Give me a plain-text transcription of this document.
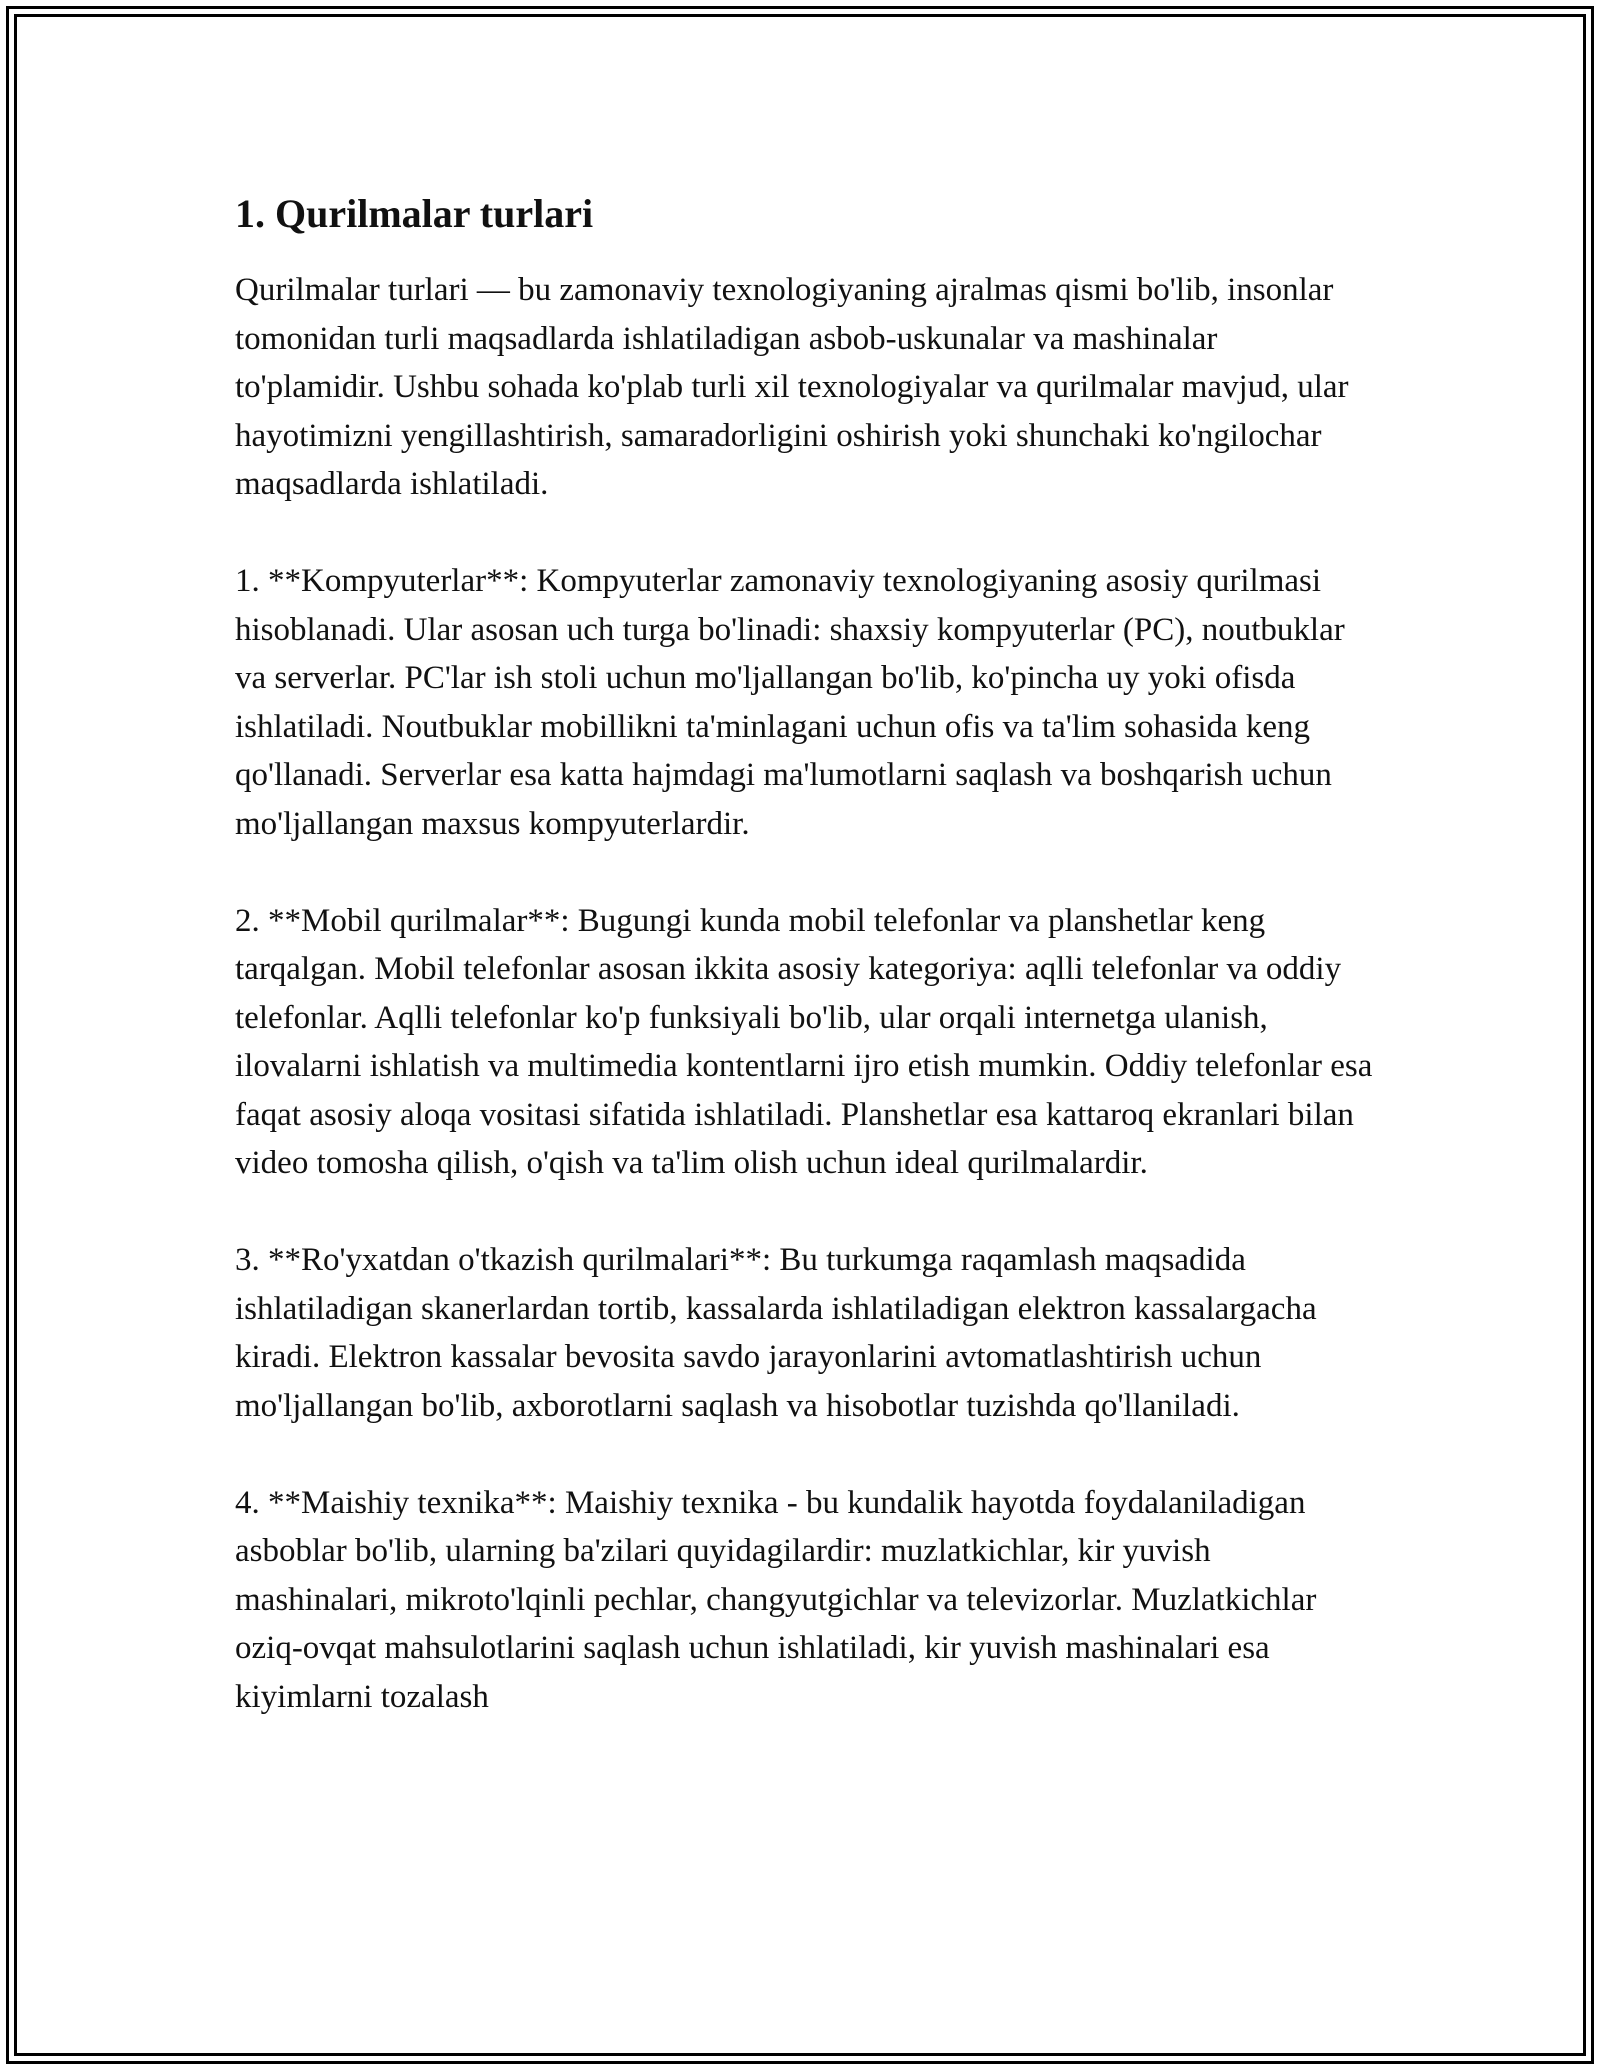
1. Qurilmalar turlari

Qurilmalar turlari — bu zamonaviy texnologiyaning ajralmas qismi bo'lib, insonlar tomonidan turli maqsadlarda ishlatiladigan asbob-uskunalar va mashinalar to'plamidir. Ushbu sohada ko'plab turli xil texnologiyalar va qurilmalar mavjud, ular hayotimizni yengillashtirish, samaradorligini oshirish yoki shunchaki ko'ngilochar maqsadlarda ishlatiladi.

1. **Kompyuterlar**: Kompyuterlar zamonaviy texnologiyaning asosiy qurilmasi hisoblanadi. Ular asosan uch turga bo'linadi: shaxsiy kompyuterlar (PC), noutbuklar va serverlar. PC'lar ish stoli uchun mo'ljallangan bo'lib, ko'pincha uy yoki ofisda ishlatiladi. Noutbuklar mobillikni ta'minlagani uchun ofis va ta'lim sohasida keng qo'llanadi. Serverlar esa katta hajmdagi ma'lumotlarni saqlash va boshqarish uchun mo'ljallangan maxsus kompyuterlardir.

2. **Mobil qurilmalar**: Bugungi kunda mobil telefonlar va planshetlar keng tarqalgan. Mobil telefonlar asosan ikkita asosiy kategoriya: aqlli telefonlar va oddiy telefonlar. Aqlli telefonlar ko'p funksiyali bo'lib, ular orqali internetga ulanish, ilovalarni ishlatish va multimedia kontentlarni ijro etish mumkin. Oddiy telefonlar esa faqat asosiy aloqa vositasi sifatida ishlatiladi. Planshetlar esa kattaroq ekranlari bilan video tomosha qilish, o'qish va ta'lim olish uchun ideal qurilmalardir.

3. **Ro'yxatdan o'tkazish qurilmalari**: Bu turkumga raqamlash maqsadida ishlatiladigan skanerlardan tortib, kassalarda ishlatiladigan elektron kassalargacha kiradi. Elektron kassalar bevosita savdo jarayonlarini avtomatlashtirish uchun mo'ljallangan bo'lib, axborotlarni saqlash va hisobotlar tuzishda qo'llaniladi.

4. **Maishiy texnika**: Maishiy texnika - bu kundalik hayotda foydalaniladigan asboblar bo'lib, ularning ba'zilari quyidagilardir: muzlatkichlar, kir yuvish mashinalari, mikroto'lqinli pechlar, changyutgichlar va televizorlar. Muzlatkichlar oziq-ovqat mahsulotlarini saqlash uchun ishlatiladi, kir yuvish mashinalari esa kiyimlarni tozalash
